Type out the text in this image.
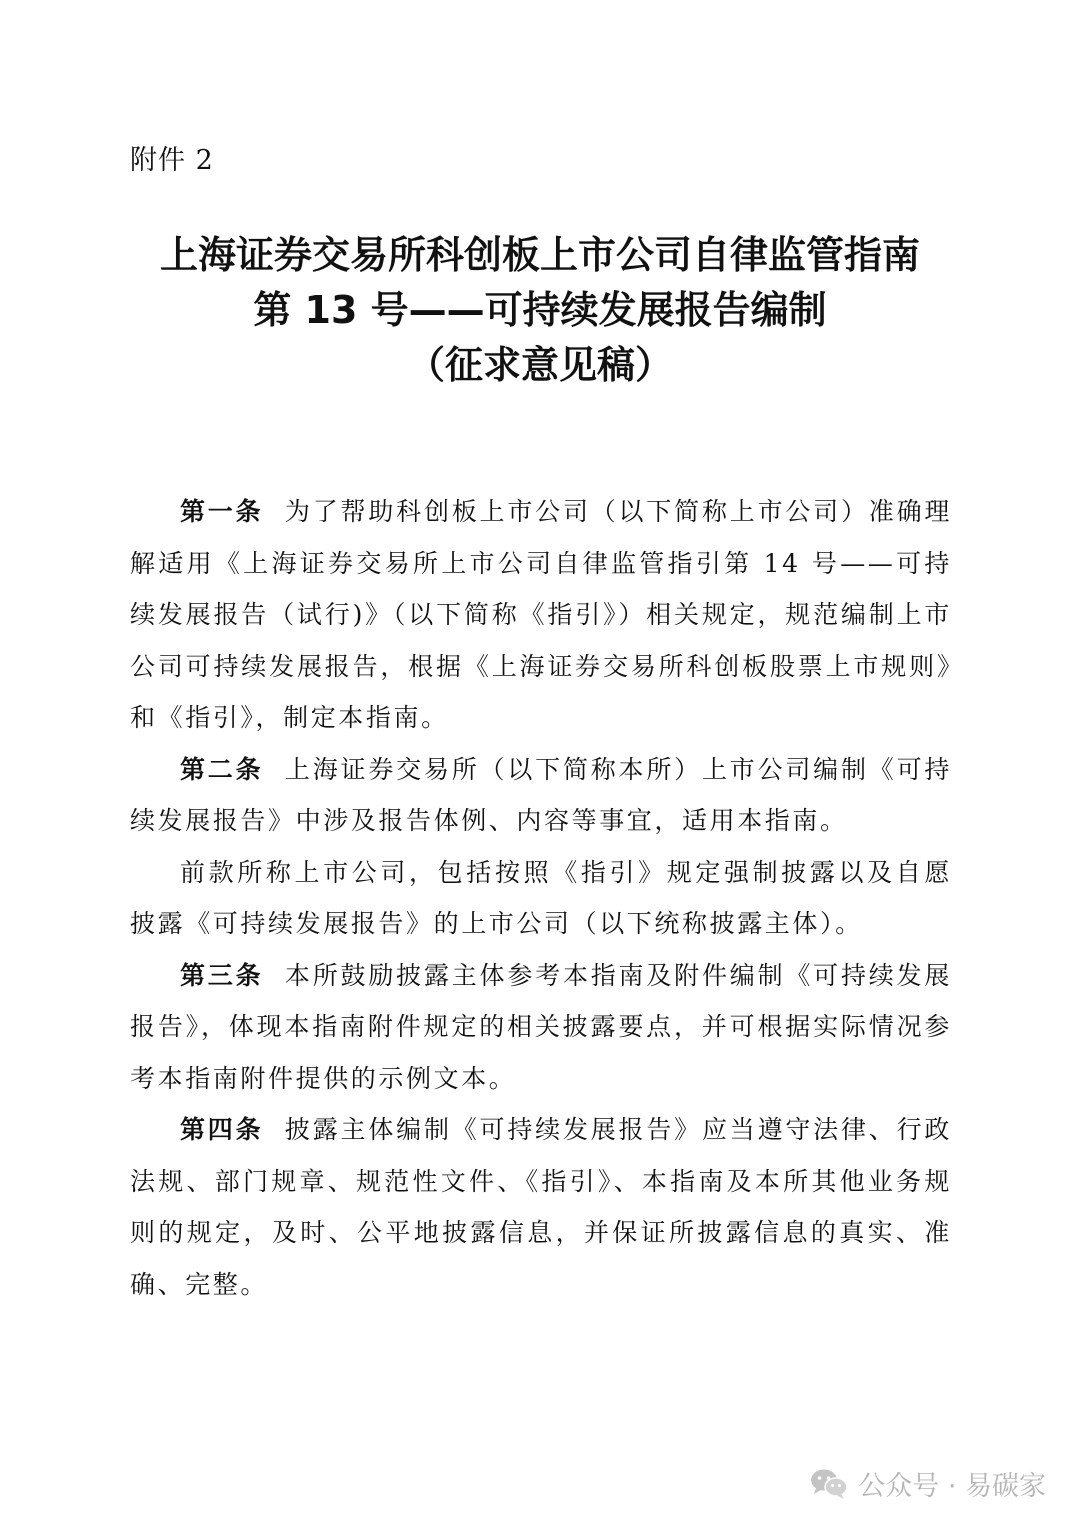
附件 2
上海证券交易所科创板上市公司自律监管指南
第 13 号——可持续发展报告编制
（征求意见稿）

第一条 为了帮助科创板上市公司（以下简称上市公司）准确理解适用《上海证券交易所上市公司自律监管指引第 14 号——可持续发展报告（试行)》（以下简称《指引》）相关规定，规范编制上市公司可持续发展报告，根据《上海证券交易所科创板股票上市规则》和《指引》，制定本指南。

第二条 上海证券交易所（以下简称本所）上市公司编制《可持续发展报告》中涉及报告体例、内容等事宜，适用本指南。

前款所称上市公司，包括按照《指引》规定强制披露以及自愿披露《可持续发展报告》的上市公司（以下统称披露主体）。

第三条 本所鼓励披露主体参考本指南及附件编制《可持续发展报告》，体现本指南附件规定的相关披露要点，并可根据实际情况参考本指南附件提供的示例文本。

第四条 披露主体编制《可持续发展报告》应当遵守法律、行政法规、部门规章、规范性文件、《指引》、本指南及本所其他业务规则的规定，及时、公平地披露信息，并保证所披露信息的真实、准确、完整。

公众号 · 易碳家
